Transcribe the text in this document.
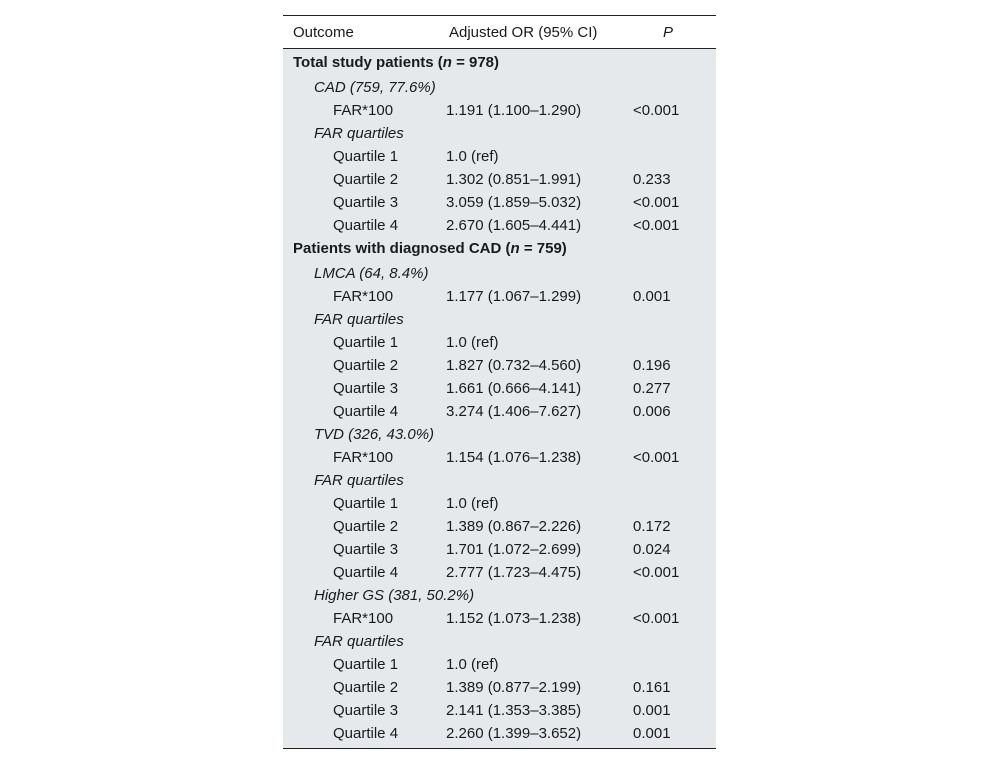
Outcome	Adjusted OR (95% CI)	P
Total study patients (n = 978)
CAD (759, 77.6%)
FAR*100	1.191 (1.100–1.290)	<0.001
FAR quartiles
Quartile 1	1.0 (ref)
Quartile 2	1.302 (0.851–1.991)	0.233
Quartile 3	3.059 (1.859–5.032)	<0.001
Quartile 4	2.670 (1.605–4.441)	<0.001
Patients with diagnosed CAD (n = 759)
LMCA (64, 8.4%)
FAR*100	1.177 (1.067–1.299)	0.001
FAR quartiles
Quartile 1	1.0 (ref)
Quartile 2	1.827 (0.732–4.560)	0.196
Quartile 3	1.661 (0.666–4.141)	0.277
Quartile 4	3.274 (1.406–7.627)	0.006
TVD (326, 43.0%)
FAR*100	1.154 (1.076–1.238)	<0.001
FAR quartiles
Quartile 1	1.0 (ref)
Quartile 2	1.389 (0.867–2.226)	0.172
Quartile 3	1.701 (1.072–2.699)	0.024
Quartile 4	2.777 (1.723–4.475)	<0.001
Higher GS (381, 50.2%)
FAR*100	1.152 (1.073–1.238)	<0.001
FAR quartiles
Quartile 1	1.0 (ref)
Quartile 2	1.389 (0.877–2.199)	0.161
Quartile 3	2.141 (1.353–3.385)	0.001
Quartile 4	2.260 (1.399–3.652)	0.001
